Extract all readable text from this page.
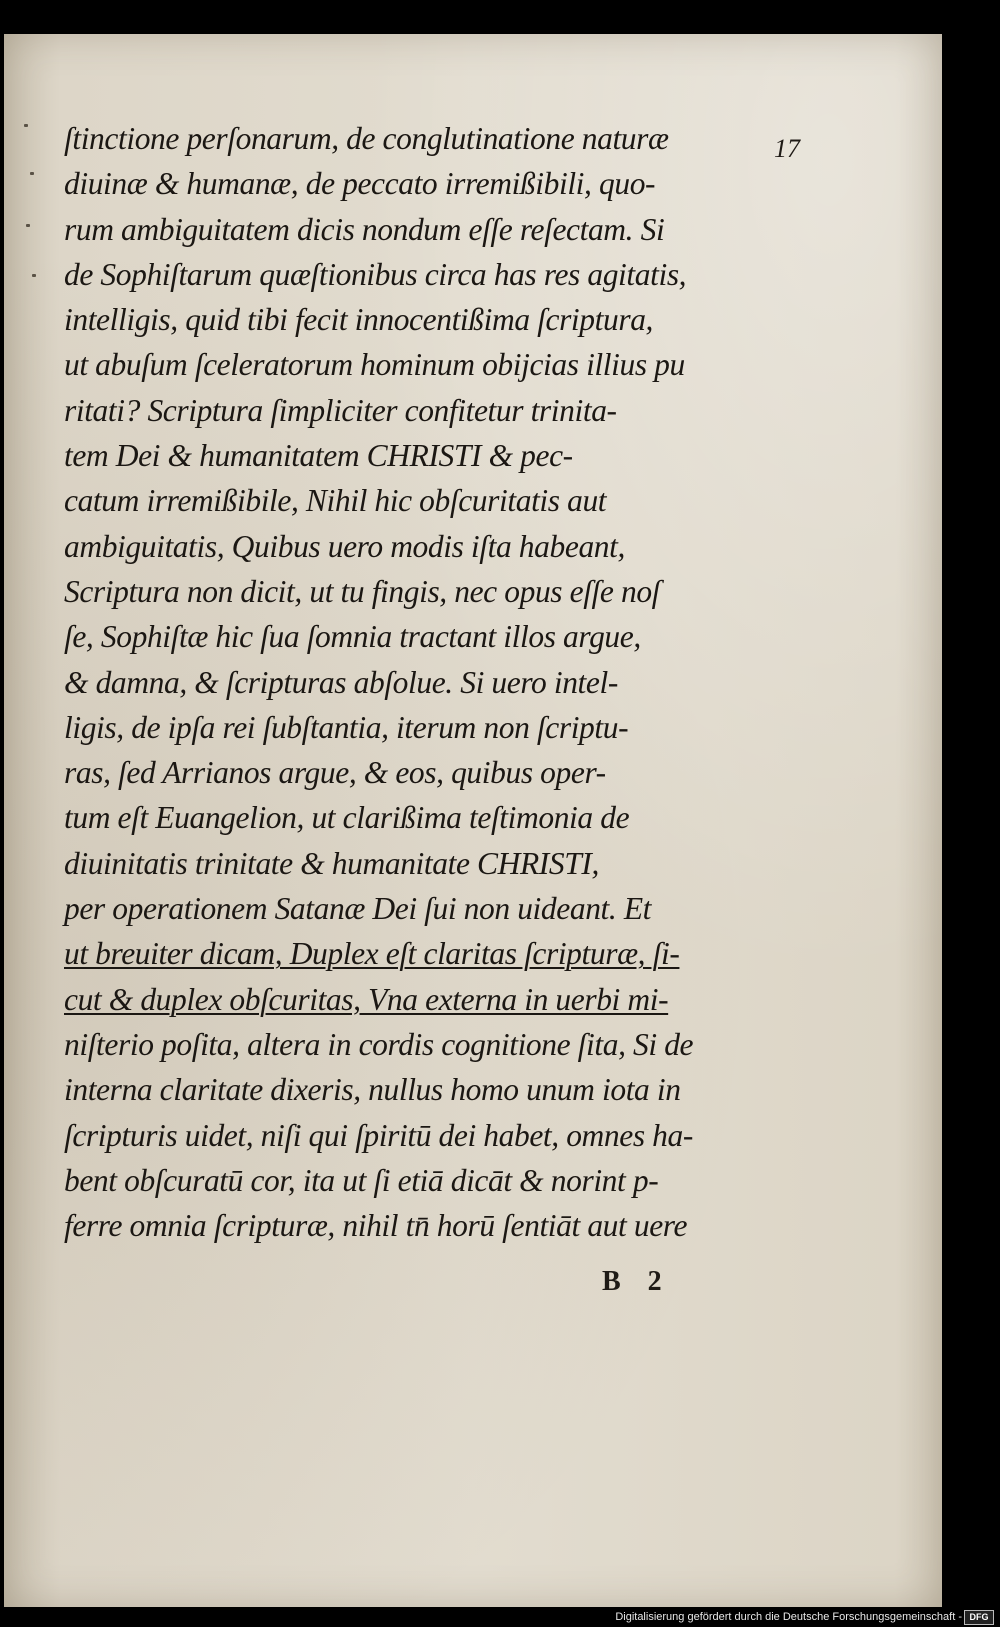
17
ſtinctione perſonarum, de conglutinatione naturæ
diuinæ & humanæ, de peccato irremißibili, quo-
rum ambiguitatem dicis nondum eſſe reſectam. Si
de Sophiſtarum quæſtionibus circa has res agitatis,
intelligis, quid tibi fecit innocentißima ſcriptura,
ut abuſum ſceleratorum hominum obijcias illius pu
ritati? Scriptura ſimpliciter confitetur trinita-
tem Dei & humanitatem CHRISTI & pec-
catum irremißibile, Nihil hic obſcuritatis aut
ambiguitatis, Quibus uero modis iſta habeant,
Scriptura non dicit, ut tu fingis, nec opus eſſe noſ
ſe, Sophiſtæ hic ſua ſomnia tractant illos argue,
& damna, & ſcripturas abſolue. Si uero intel-
ligis, de ipſa rei ſubſtantia, iterum non ſcriptu-
ras, ſed Arrianos argue, & eos, quibus oper-
tum eſt Euangelion, ut clarißima teſtimonia de
diuinitatis trinitate & humanitate CHRISTI,
per operationem Satanæ Dei ſui non uideant. Et
ut breuiter dicam, Duplex eſt claritas ſcripturæ, ſi-
cut & duplex obſcuritas, Vna externa in uerbi mi-
niſterio poſita, altera in cordis cognitione ſita, Si de
interna claritate dixeris, nullus homo unum iota in
ſcripturis uidet, niſi qui ſpiritū dei habet, omnes ha-
bent obſcuratū cor, ita ut ſi etiā dicāt & norint p-
ferre omnia ſcripturæ, nihil tn̄ horū ſentiāt aut uere
B 2
Digitalisierung gefördert durch die Deutsche Forschungsgemeinschaft - DFG
